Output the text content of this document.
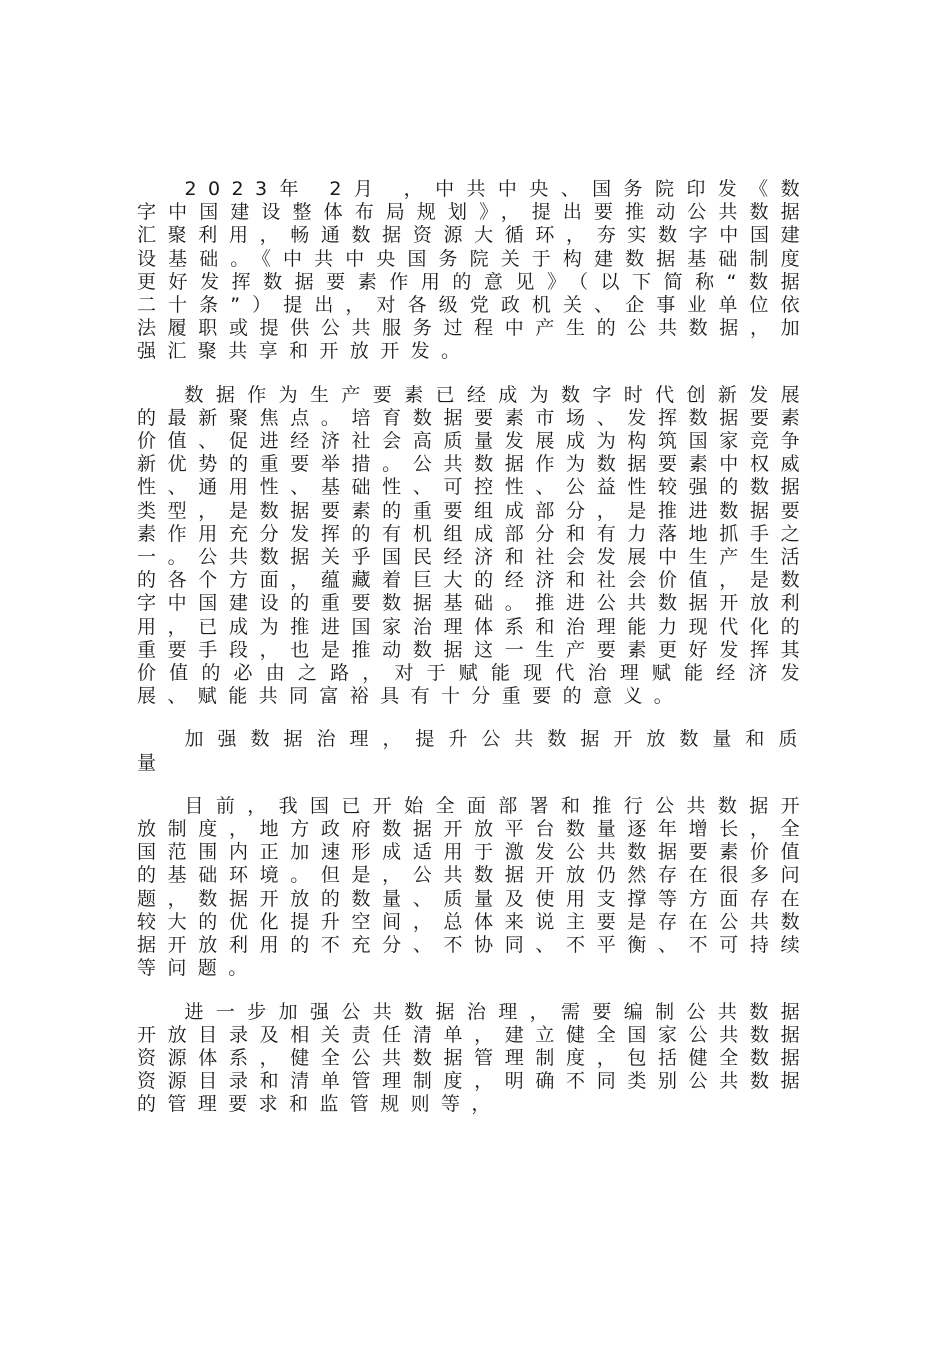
2023年 2月 ，中共中央、国务院印发《数字中国建设整体布局规划》，提出要推动公共数据汇聚利用，畅通数据资源大循环，夯实数字中国建设基础。《中共中央国务院关于构建数据基础制度更好发挥数据要素作用的意见》（以下简称“数据二十条”）提出，对各级党政机关、企事业单位依法履职或提供公共服务过程中产生的公共数据，加强汇聚共享和开放开发。

数据作为生产要素已经成为数字时代创新发展的最新聚焦点。培育数据要素市场、发挥数据要素价值、促进经济社会高质量发展成为构筑国家竞争新优势的重要举措。公共数据作为数据要素中权威性、通用性、基础性、可控性、公益性较强的数据类型，是数据要素的重要组成部分，是推进数据要素作用充分发挥的有机组成部分和有力落地抓手之一。公共数据关乎国民经济和社会发展中生产生活的各个方面，蕴藏着巨大的经济和社会价值，是数字中国建设的重要数据基础。推进公共数据开放利用，已成为推进国家治理体系和治理能力现代化的重要手段，也是推动数据这一生产要素更好发挥其价值的必由之路，对于赋能现代治理赋能经济发展、赋能共同富裕具有十分重要的意义。

加强数据治理，提升公共数据开放数量和质量

目前，我国已开始全面部署和推行公共数据开放制度，地方政府数据开放平台数量逐年增长，全国范围内正加速形成适用于激发公共数据要素价值的基础环境。但是，公共数据开放仍然存在很多问题，数据开放的数量、质量及使用支撑等方面存在较大的优化提升空间，总体来说主要是存在公共数据开放利用的不充分、不协同、不平衡、不可持续等问题。

进一步加强公共数据治理，需要编制公共数据开放目录及相关责任清单，建立健全国家公共数据资源体系，健全公共数据管理制度，包括健全数据资源目录和清单管理制度，明确不同类别公共数据的管理要求和监管规则等，
